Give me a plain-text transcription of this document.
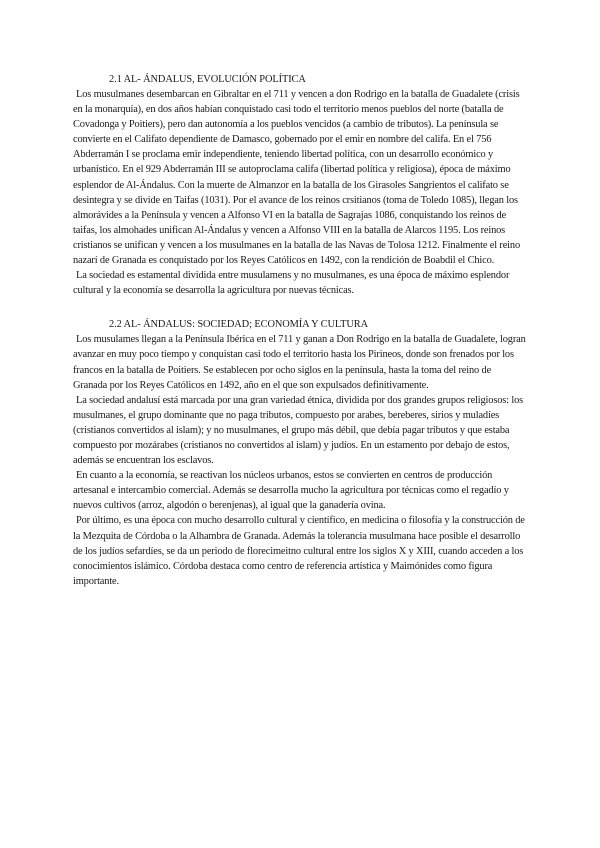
2.1 AL- ÁNDALUS, EVOLUCIÓN POLÍTICA

Los musulmanes desembarcan en Gibraltar en el 711 y vencen a don Rodrigo en la batalla de Guadalete (crisis en la monarquía), en dos años habían conquistado casi todo el territorio menos pueblos del norte (batalla de Covadonga y Poitiers), pero dan autonomía a los pueblos vencidos (a cambio de tributos). La península se convierte en el Califato dependiente de Damasco, gobernado por el emir en nombre del califa. En el 756 Abderramán I se proclama emir independiente, teniendo libertad política, con un desarrollo económico y urbanístico. En el 929 Abderramán III se autoproclama califa (libertad política y religiosa), época de máximo esplendor de Al-Ándalus. Con la muerte de Almanzor en la batalla de los Girasoles Sangrientos el califato se desintegra y se divide en Taifas (1031). Por el avance de los reinos crsitianos (toma de Toledo 1085), llegan los almorávides a la Península y vencen a Alfonso VI en la batalla de Sagrajas 1086, conquistando los reinos de taifas, los almohades unifican Al-Ándalus y vencen a Alfonso VIII en la batalla de Alarcos 1195. Los reinos cristianos se unifican y vencen a los musulmanes en la batalla de las Navas de Tolosa 1212. Finalmente el reino nazarí de Granada es conquistado por los Reyes Católicos en 1492, con la rendición de Boabdil el Chico.

La sociedad es estamental dividida entre musulamens y no musulmanes, es una época de máximo esplendor cultural y la economía se desarrolla la agricultura por nuevas técnicas.

2.2 AL- ÁNDALUS: SOCIEDAD; ECONOMÍA Y CULTURA

Los musulames llegan a la Península Ibérica en el 711 y ganan a Don Rodrigo en la batalla de Guadalete, logran avanzar en muy poco tiempo y conquistan casi todo el territorio hasta los Pirineos, donde son frenados por los francos en la batalla de Poitiers. Se establecen por ocho siglos en la península, hasta la toma del reino de Granada por los Reyes Católicos en 1492, año en el que son expulsados definitivamente.

La sociedad andalusí está marcada por una gran variedad étnica, dividida por dos grandes grupos religiosos: los musulmanes, el grupo dominante que no paga tributos, compuesto por arabes, bereberes, sirios y muladíes (cristianos convertidos al islam); y no musulmanes, el grupo más débil, que debía pagar tributos y que estaba compuesto por mozárabes (cristianos no convertidos al islam) y judíos. En un estamento por debajo de estos, además se encuentran los esclavos.

En cuanto a la economía, se reactivan los núcleos urbanos, estos se convierten en centros de producción artesanal e intercambio comercial. Además se desarrolla mucho la agricultura por técnicas como el regadío y nuevos cultivos (arroz, algodón o berenjenas), al igual que la ganadería ovina.

Por último, es una época con mucho desarrollo cultural y científico, en medicina o filosofía y la construcción de la Mezquita de Córdoba o la Alhambra de Granada. Además la tolerancia musulmana hace posible el desarrollo de los judíos sefardíes, se da un periodo de florecimeitno cultural entre los siglos X y XIII, cuando acceden a los conocimientos islámico. Córdoba destaca como centro de referencia artística y Maimónides como figura importante.
